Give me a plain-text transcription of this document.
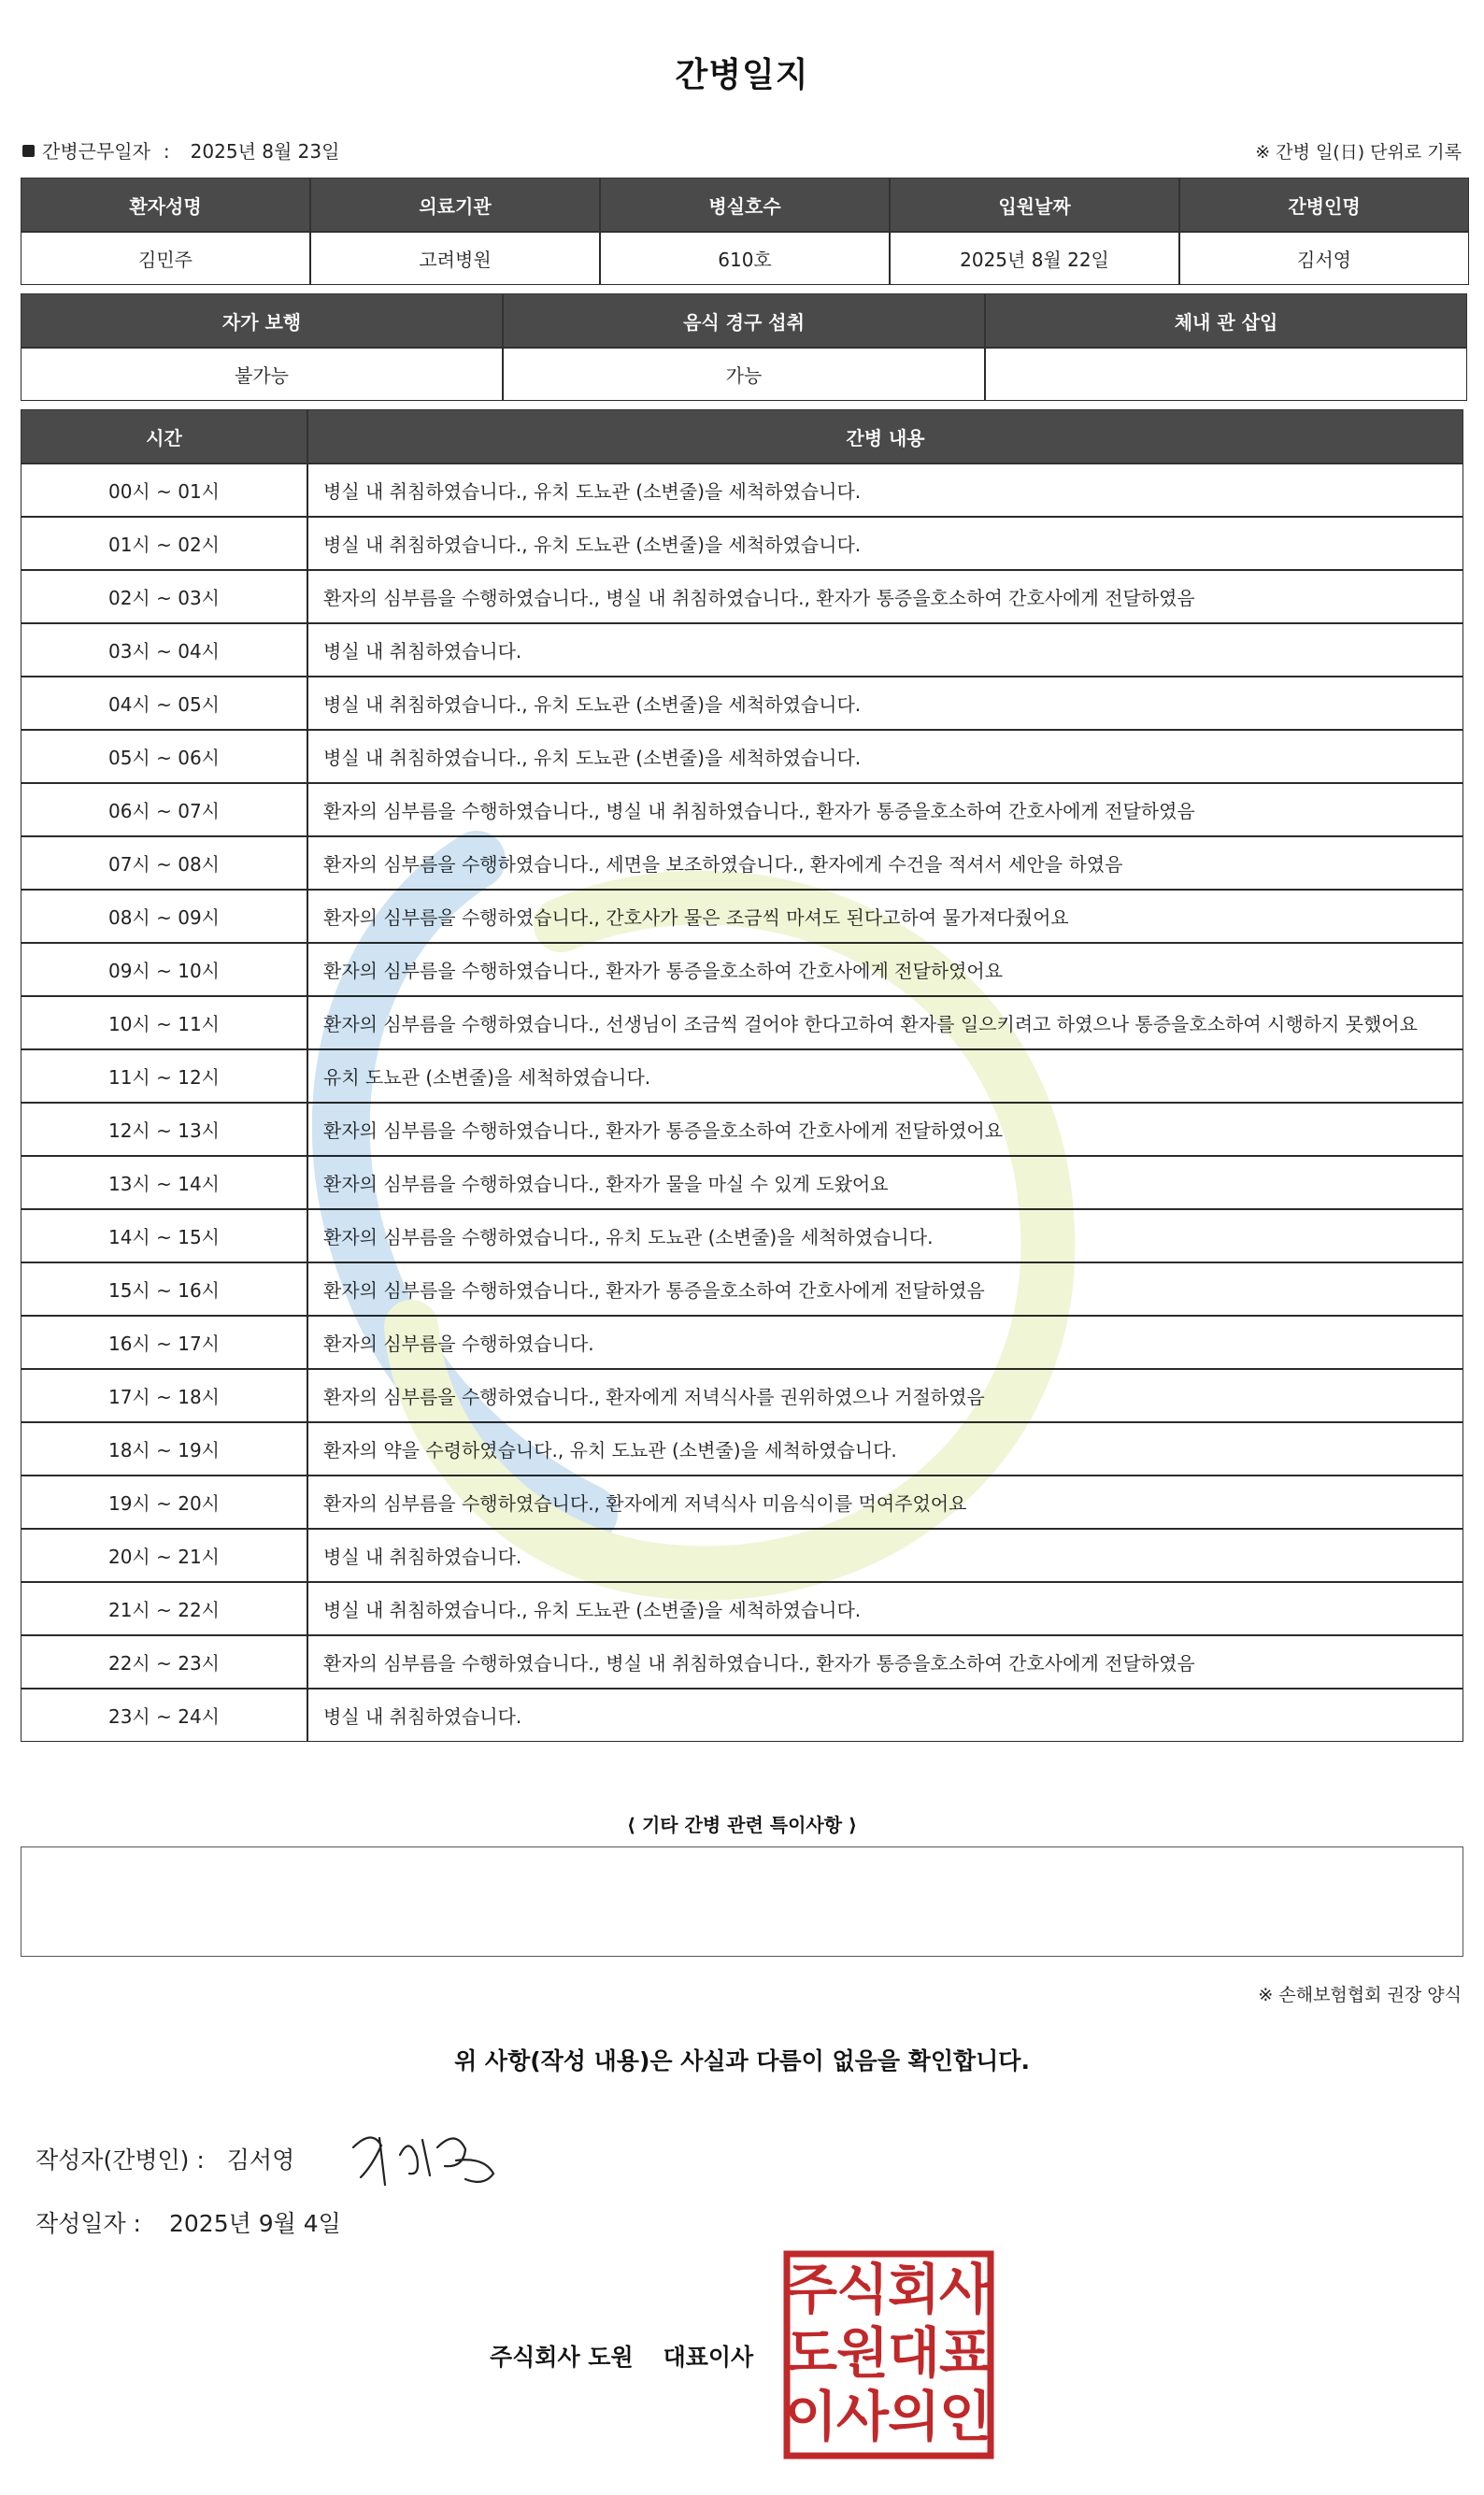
간병일지
간병근무일자 : 2025년 8월 23일	※ 간병 일(日) 단위로 기록
환자성명	의료기관	병실호수	입원날짜	간병인명
김민주	고려병원	610호	2025년 8월 22일	김서영
자가 보행	음식 경구 섭취	체내 관 삽입
불가능	가능	
시간	간병 내용
00시 ~ 01시	병실 내 취침하였습니다., 유치 도뇨관 (소변줄)을 세척하였습니다.
01시 ~ 02시	병실 내 취침하였습니다., 유치 도뇨관 (소변줄)을 세척하였습니다.
02시 ~ 03시	환자의 심부름을 수행하였습니다., 병실 내 취침하였습니다., 환자가 통증을호소하여 간호사에게 전달하였음
03시 ~ 04시	병실 내 취침하였습니다.
04시 ~ 05시	병실 내 취침하였습니다., 유치 도뇨관 (소변줄)을 세척하였습니다.
05시 ~ 06시	병실 내 취침하였습니다., 유치 도뇨관 (소변줄)을 세척하였습니다.
06시 ~ 07시	환자의 심부름을 수행하였습니다., 병실 내 취침하였습니다., 환자가 통증을호소하여 간호사에게 전달하였음
07시 ~ 08시	환자의 심부름을 수행하였습니다., 세면을 보조하였습니다., 환자에게 수건을 적셔서 세안을 하였음
08시 ~ 09시	환자의 심부름을 수행하였습니다., 간호사가 물은 조금씩 마셔도 된다고하여 물가져다줬어요
09시 ~ 10시	환자의 심부름을 수행하였습니다., 환자가 통증을호소하여 간호사에게 전달하였어요
10시 ~ 11시	환자의 심부름을 수행하였습니다., 선생님이 조금씩 걸어야 한다고하여 환자를 일으키려고 하였으나 통증을호소하여 시행하지 못했어요
11시 ~ 12시	유치 도뇨관 (소변줄)을 세척하였습니다.
12시 ~ 13시	환자의 심부름을 수행하였습니다., 환자가 통증을호소하여 간호사에게 전달하였어요
13시 ~ 14시	환자의 심부름을 수행하였습니다., 환자가 물을 마실 수 있게 도왔어요
14시 ~ 15시	환자의 심부름을 수행하였습니다., 유치 도뇨관 (소변줄)을 세척하였습니다.
15시 ~ 16시	환자의 심부름을 수행하였습니다., 환자가 통증을호소하여 간호사에게 전달하였음
16시 ~ 17시	환자의 심부름을 수행하였습니다.
17시 ~ 18시	환자의 심부름을 수행하였습니다., 환자에게 저녁식사를 권위하였으나 거절하였음
18시 ~ 19시	환자의 약을 수령하였습니다., 유치 도뇨관 (소변줄)을 세척하였습니다.
19시 ~ 20시	환자의 심부름을 수행하였습니다., 환자에게 저녁식사 미음식이를 먹여주었어요
20시 ~ 21시	병실 내 취침하였습니다.
21시 ~ 22시	병실 내 취침하였습니다., 유치 도뇨관 (소변줄)을 세척하였습니다.
22시 ~ 23시	환자의 심부름을 수행하였습니다., 병실 내 취침하였습니다., 환자가 통증을호소하여 간호사에게 전달하였음
23시 ~ 24시	병실 내 취침하였습니다.
⟨ 기타 간병 관련 특이사항 ⟩
※ 손해보험협회 권장 양식
위 사항(작성 내용)은 사실과 다름이 없음을 확인합니다.
작성자(간병인) : 김서영
작성일자 : 2025년 9월 4일
주식회사 도원 대표이사
주
식
회
사
도
원
대
표
이
사
의
인
